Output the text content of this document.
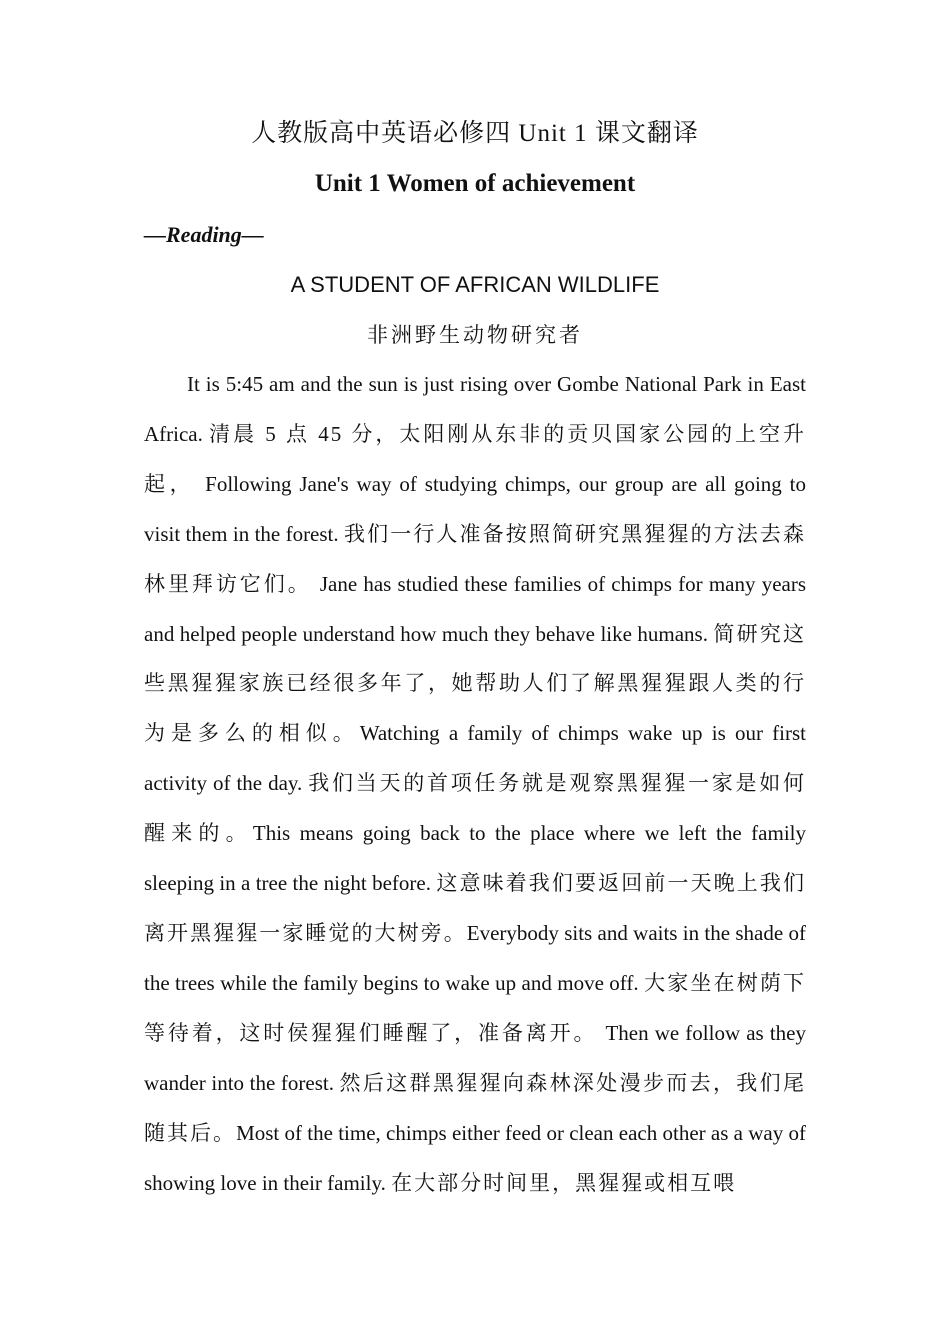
人教版高中英语必修四 Unit 1 课文翻译
Unit 1 Women of achievement
—Reading—
A STUDENT OF AFRICAN WILDLIFE
非洲野生动物研究者

It is 5:45 am and the sun is just rising over Gombe National Park in East Africa. 清晨 5 点 45 分，太阳刚从东非的贡贝国家公园的上空升起， Following Jane's way of studying chimps, our group are all going to visit them in the forest. 我们一行人准备按照简研究黑猩猩的方法去森林里拜访它们。 Jane has studied these families of chimps for many years and helped people understand how much they behave like humans. 简研究这些黑猩猩家族已经很多年了，她帮助人们了解黑猩猩跟人类的行为是多么的相似。Watching a family of chimps wake up is our first activity of the day. 我们当天的首项任务就是观察黑猩猩一家是如何醒来的。This means going back to the place where we left the family sleeping in a tree the night before. 这意味着我们要返回前一天晚上我们离开黑猩猩一家睡觉的大树旁。Everybody sits and waits in the shade of the trees while the family begins to wake up and move off. 大家坐在树荫下等待着，这时侯猩猩们睡醒了，准备离开。 Then we follow as they wander into the forest. 然后这群黑猩猩向森林深处漫步而去，我们尾随其后。Most of the time, chimps either feed or clean each other as a way of showing love in their family. 在大部分时间里，黑猩猩或相互喂
